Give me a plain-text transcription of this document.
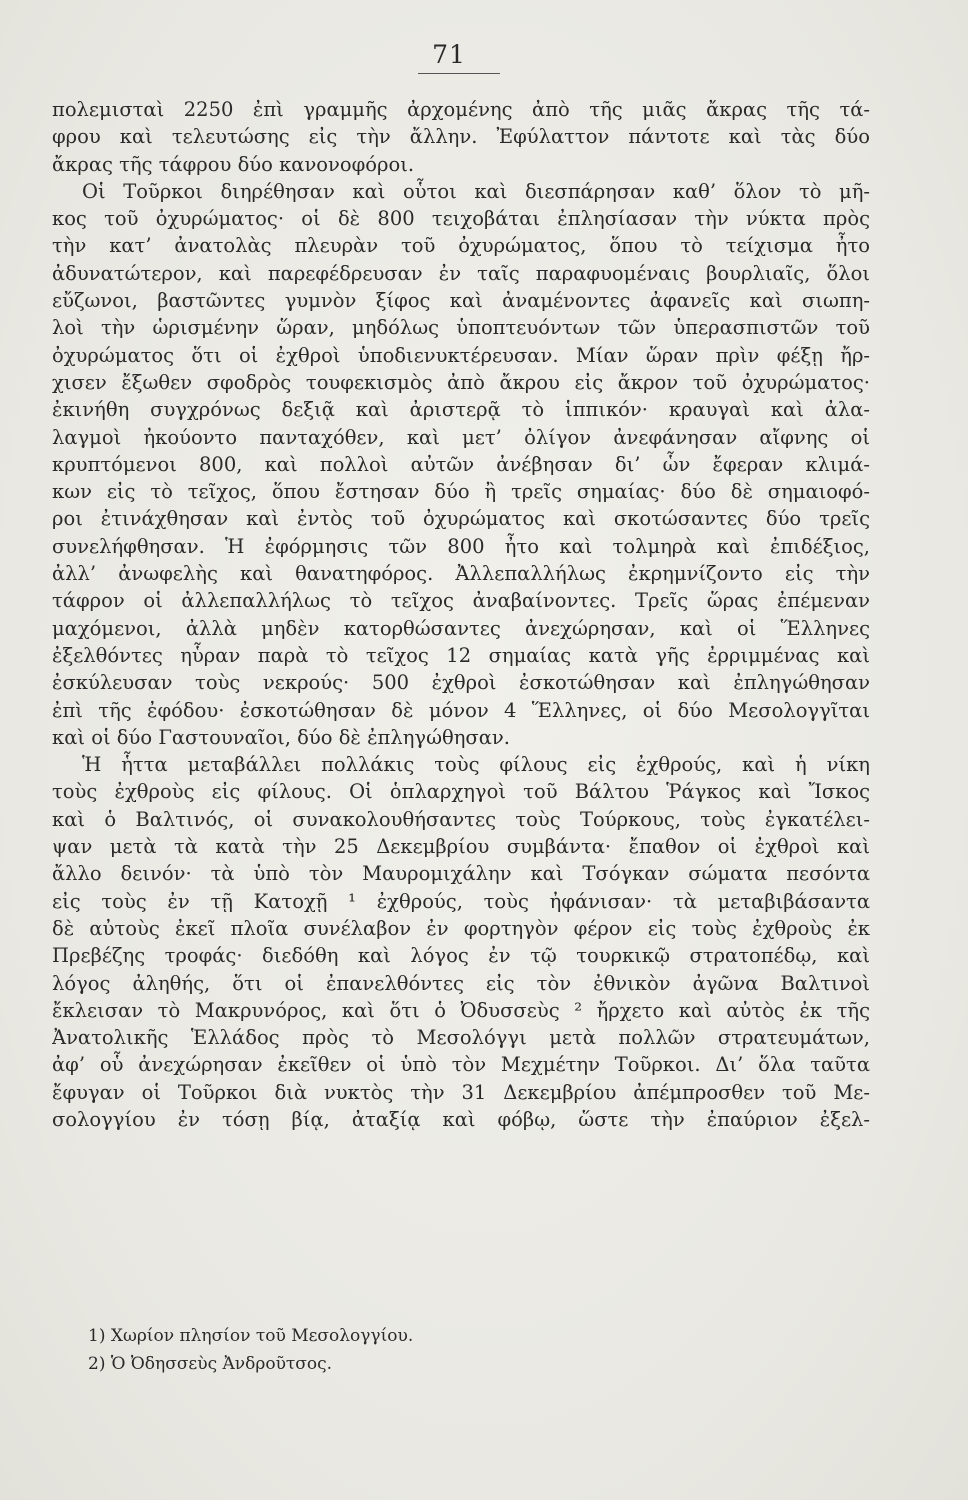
71
πολεμισταὶ 2250 ἐπὶ γραμμῆς ἀρχομένης ἀπὸ τῆς μιᾶς ἄκρας τῆς τά-
φρου καὶ τελευτώσης εἰς τὴν ἄλλην. Ἐφύλαττον πάντοτε καὶ τὰς δύο
ἄκρας τῆς τάφρου δύο κανονοφόροι.
Οἱ Τοῦρκοι διηρέθησαν καὶ οὗτοι καὶ διεσπάρησαν καθ’ ὅλον τὸ μῆ-
κος τοῦ ὀχυρώματος· οἱ δὲ 800 τειχοβάται ἐπλησίασαν τὴν νύκτα πρὸς
τὴν κατ’ ἀνατολὰς πλευρὰν τοῦ ὀχυρώματος, ὅπου τὸ τείχισμα ἦτο
ἀδυνατώτερον, καὶ παρεφέδρευσαν ἐν ταῖς παραφυομέναις βουρλιαῖς, ὅλοι
εὔζωνοι, βαστῶντες γυμνὸν ξίφος καὶ ἀναμένοντες ἀφανεῖς καὶ σιωπη-
λοὶ τὴν ὡρισμένην ὥραν, μηδόλως ὑποπτευόντων τῶν ὑπερασπιστῶν τοῦ
ὀχυρώματος ὅτι οἱ ἐχθροὶ ὑποδιενυκτέρευσαν. Μίαν ὥραν πρὶν φέξῃ ἤρ-
χισεν ἔξωθεν σφοδρὸς τουφεκισμὸς ἀπὸ ἄκρου εἰς ἄκρον τοῦ ὀχυρώματος·
ἐκινήθη συγχρόνως δεξιᾷ καὶ ἀριστερᾷ τὸ ἱππικόν· κραυγαὶ καὶ ἀλα-
λαγμοὶ ἠκούοντο πανταχόθεν, καὶ μετ’ ὀλίγον ἀνεφάνησαν αἴφνης οἱ
κρυπτόμενοι 800, καὶ πολλοὶ αὐτῶν ἀνέβησαν δι’ ὧν ἔφεραν κλιμά-
κων εἰς τὸ τεῖχος, ὅπου ἔστησαν δύο ἢ τρεῖς σημαίας· δύο δὲ σημαιοφό-
ροι ἐτινάχθησαν καὶ ἐντὸς τοῦ ὀχυρώματος καὶ σκοτώσαντες δύο τρεῖς
συνελήφθησαν. Ἡ ἐφόρμησις τῶν 800 ἦτο καὶ τολμηρὰ καὶ ἐπιδέξιος,
ἀλλ’ ἀνωφελὴς καὶ θανατηφόρος. Ἀλλεπαλλήλως ἐκρημνίζοντο εἰς τὴν
τάφρον οἱ ἀλλεπαλλήλως τὸ τεῖχος ἀναβαίνοντες. Τρεῖς ὥρας ἐπέμεναν
μαχόμενοι, ἀλλὰ μηδὲν κατορθώσαντες ἀνεχώρησαν, καὶ οἱ Ἕλληνες
ἐξελθόντες ηὗραν παρὰ τὸ τεῖχος 12 σημαίας κατὰ γῆς ἐρριμμένας καὶ
ἐσκύλευσαν τοὺς νεκρούς· 500 ἐχθροὶ ἐσκοτώθησαν καὶ ἐπληγώθησαν
ἐπὶ τῆς ἐφόδου· ἐσκοτώθησαν δὲ μόνον 4 Ἕλληνες, οἱ δύο Μεσολογγῖται
καὶ οἱ δύο Γαστουναῖοι, δύο δὲ ἐπληγώθησαν.
Ἡ ἧττα μεταβάλλει πολλάκις τοὺς φίλους εἰς ἐχθρούς, καὶ ἡ νίκη
τοὺς ἐχθροὺς εἰς φίλους. Οἱ ὁπλαρχηγοὶ τοῦ Βάλτου Ῥάγκος καὶ Ἴσκος
καὶ ὁ Βαλτινός, οἱ συνακολουθήσαντες τοὺς Τούρκους, τοὺς ἐγκατέλει-
ψαν μετὰ τὰ κατὰ τὴν 25 Δεκεμβρίου συμβάντα· ἔπαθον οἱ ἐχθροὶ καὶ
ἄλλο δεινόν· τὰ ὑπὸ τὸν Μαυρομιχάλην καὶ Τσόγκαν σώματα πεσόντα
εἰς τοὺς ἐν τῇ Κατοχῇ ¹ ἐχθρούς, τοὺς ἠφάνισαν· τὰ μεταβιβάσαντα
δὲ αὐτοὺς ἐκεῖ πλοῖα συνέλαβον ἐν φορτηγὸν φέρον εἰς τοὺς ἐχθροὺς ἐκ
Πρεβέζης τροφάς· διεδόθη καὶ λόγος ἐν τῷ τουρκικῷ στρατοπέδῳ, καὶ
λόγος ἀληθής, ὅτι οἱ ἐπανελθόντες εἰς τὸν ἐθνικὸν ἀγῶνα Βαλτινοὶ
ἔκλεισαν τὸ Μακρυνόρος, καὶ ὅτι ὁ Ὀδυσσεὺς ² ἤρχετο καὶ αὐτὸς ἐκ τῆς
Ἀνατολικῆς Ἑλλάδος πρὸς τὸ Μεσολόγγι μετὰ πολλῶν στρατευμάτων,
ἀφ’ οὗ ἀνεχώρησαν ἐκεῖθεν οἱ ὑπὸ τὸν Μεχμέτην Τοῦρκοι. Δι’ ὅλα ταῦτα
ἔφυγαν οἱ Τοῦρκοι διὰ νυκτὸς τὴν 31 Δεκεμβρίου ἀπέμπροσθεν τοῦ Με-
σολογγίου ἐν τόσῃ βίᾳ, ἀταξίᾳ καὶ φόβῳ, ὥστε τὴν ἐπαύριον ἐξελ-
1) Χωρίον πλησίον τοῦ Μεσολογγίου.
2) Ὁ Ὀδησσεὺς Ἀνδροῦτσος.
